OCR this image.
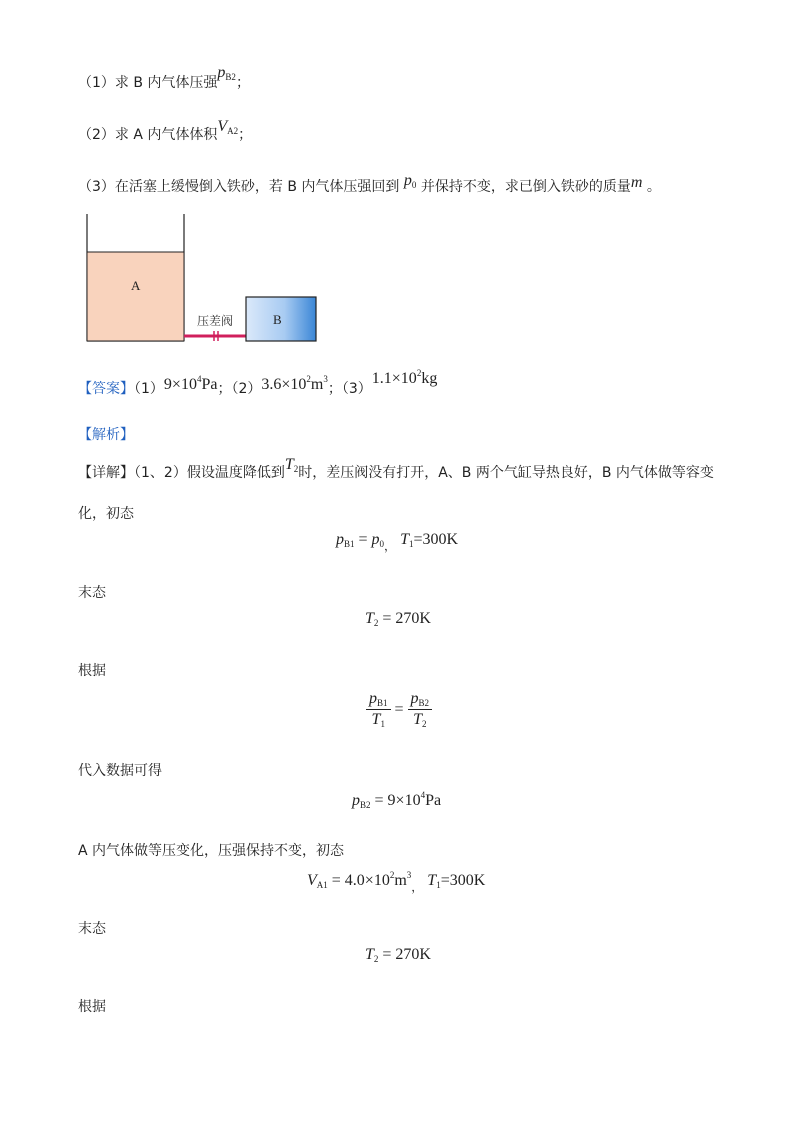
（1）求 B 内气体压强$p_{B2}$；
（2）求 A 内气体体积$V_{A2}$；
（3）在活塞上缓慢倒入铁砂，若 B 内气体压强回到 $p_0$ 并保持不变，求已倒入铁砂的质量m 。
A
B
压差阀
【答案】$(1)9\times 10^4Pa$；$(2)3.6\times 10^2m^3$；$(3)1.1\times 10^2kg$
【解析】
【详解】（1、2）假设温度降低到$T_2$时，差压阀没有打开，A、B 两个气缸导热良好，B 内气体做等容变
化，初态
$p_{B1} = p_{0,}$ $T_1=300K$
末态
$T_2 = 270K$
根据
$\frac{p_{B1}}{T_1} = \frac{p_{B2}}{T_2}$
代入数据可得
$p_{B2} = 9\times 10^4Pa$
A 内气体做等压变化，压强保持不变，初态
$V_{A1} = 4.0\times 10^2m^3_,$ $T_1=300K$
末态
$T_2 = 270K$
根据
